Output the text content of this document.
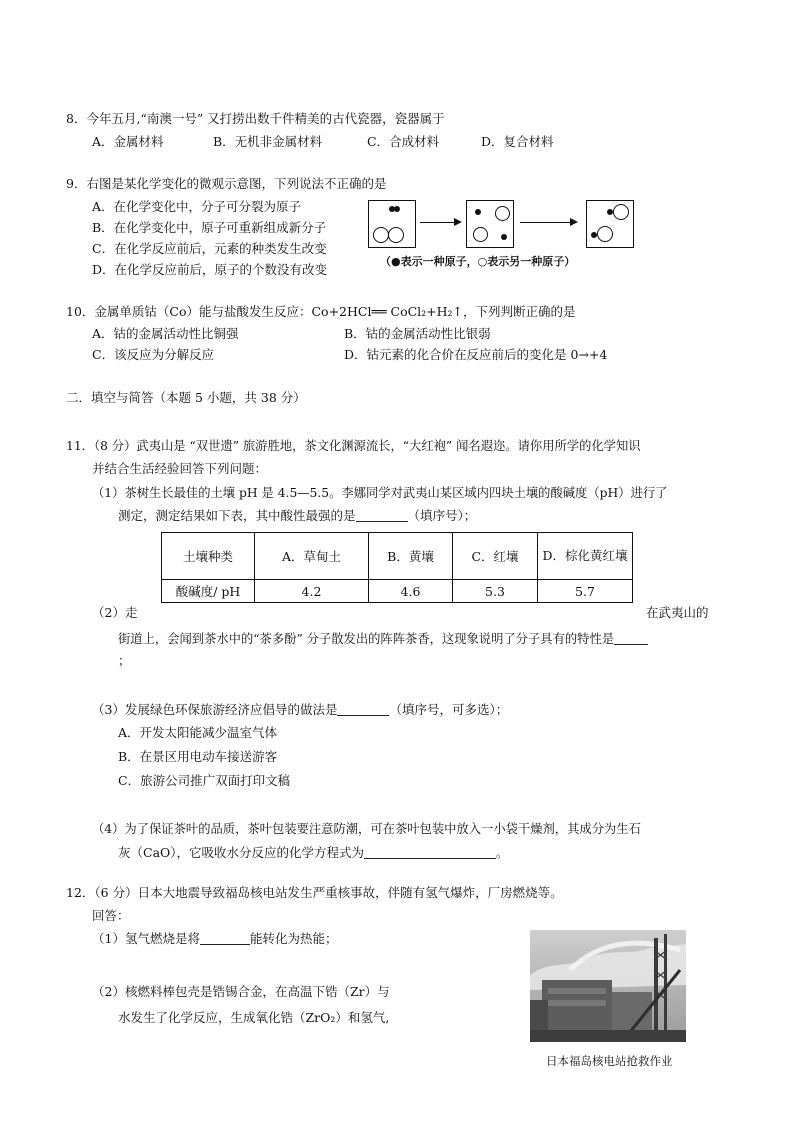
8．今年五月,“南澳一号” 又打捞出数千件精美的古代瓷器，瓷器属于
A．金属材料	B．无机非金属材料	C．合成材料	D．复合材料
9．右图是某化学变化的微观示意图，下列说法不正确的是
A．在化学变化中，分子可分裂为原子
B．在化学变化中，原子可重新组成新分子
C．在化学反应前后，元素的种类发生改变
D．在化学反应前后，原子的个数没有改变
（●表示一种原子，○表示另一种原子）
10．金属单质钴（Co）能与盐酸发生反应：Co+2HCl══ CoCl₂+H₂↑，下列判断正确的是
A．钴的金属活动性比铜强	B．钴的金属活动性比银弱
C．该反应为分解反应	D．钴元素的化合价在反应前后的变化是 0→+4
二．填空与简答（本题 5 小题，共 38 分）
11．（8 分）武夷山是 “双世遗” 旅游胜地，茶文化渊源流长，“大红袍” 闻名遐迩。请你用所学的化学知识
并结合生活经验回答下列问题：
（1）茶树生长最佳的土壤 pH 是 4.5—5.5。李娜同学对武夷山某区域内四块土壤的酸碱度（pH）进行了
测定，测定结果如下表，其中酸性最强的是	（填序号）；
土壤种类	A．草甸土	B．黄壤	C．红壤	D．棕化黄红壤
酸碱度/ pH	4.2	4.6	5.3	5.7
（2）走	在武夷山的
街道上，会闻到茶水中的“茶多酚” 分子散发出的阵阵茶香，这现象说明了分子具有的特性是
；
（3）发展绿色环保旅游经济应倡导的做法是	（填序号，可多选）；
A．开发太阳能减少温室气体
B．在景区用电动车接送游客
C．旅游公司推广双面打印文稿
（4）为了保证茶叶的品质，茶叶包装要注意防潮，可在茶叶包装中放入一小袋干燥剂，其成分为生石
灰（CaO），它吸收水分反应的化学方程式为	。
12．（6 分）日本大地震导致福岛核电站发生严重核事故，伴随有氢气爆炸，厂房燃烧等。
回答：
（1）氢气燃烧是将	能转化为热能；
（2）核燃料棒包壳是锆锡合金，在高温下锆（Zr）与
水发生了化学反应，生成氧化锆（ZrO₂）和氢气,
日本福岛核电站抢救作业
